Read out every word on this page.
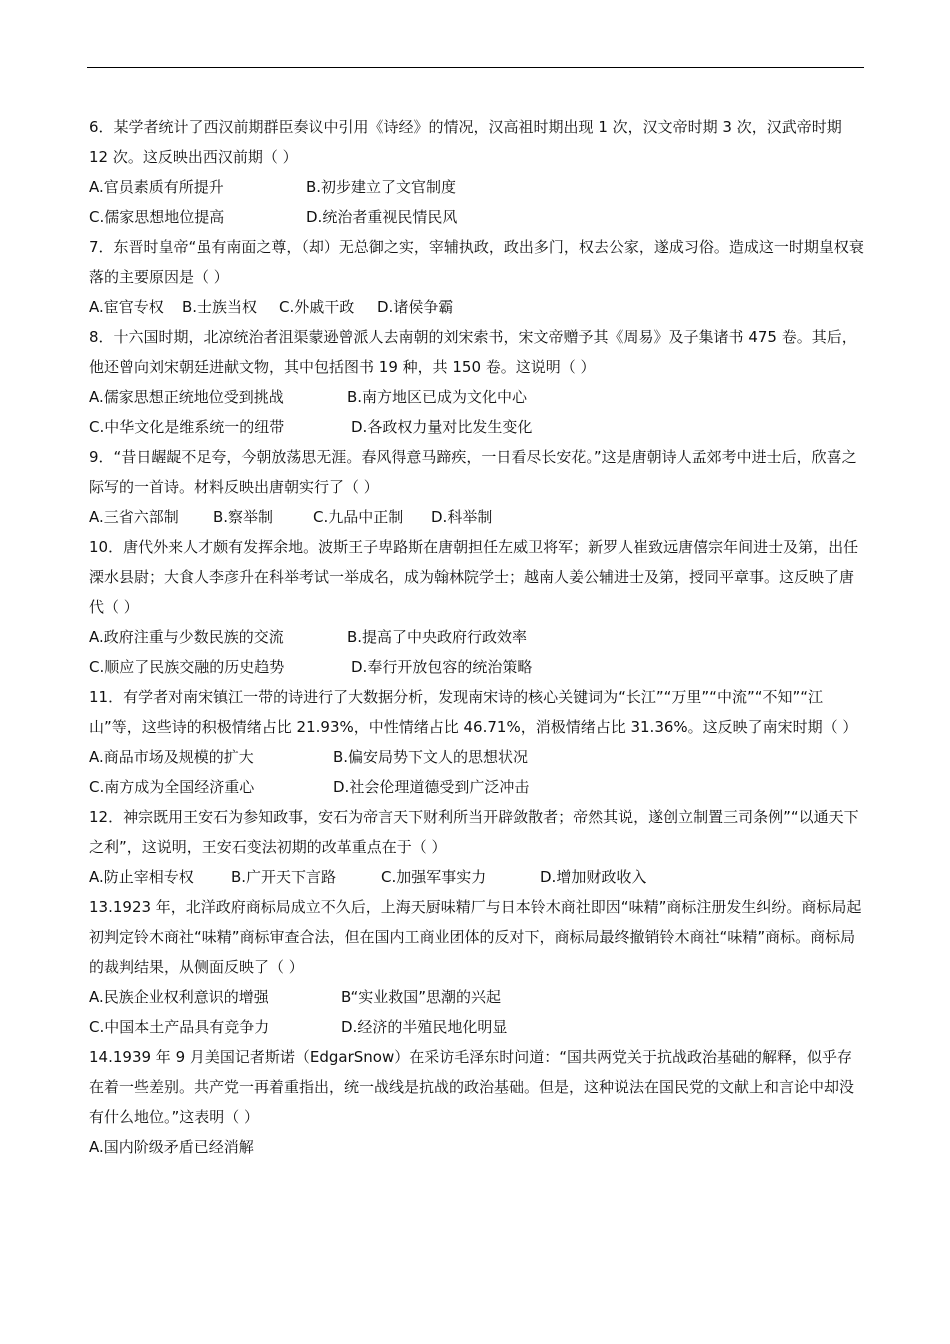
6．某学者统计了西汉前期群臣奏议中引用《诗经》的情况，汉高祖时期出现 1 次，汉文帝时期 3 次，汉武帝时期 12 次。这反映出西汉前期（ ）

A.官员素质有所提升	B.初步建立了文官制度

C.儒家思想地位提高	D.统治者重视民情民风

7．东晋时皇帝“虽有南面之尊，（却）无总御之实，宰辅执政，政出多门，权去公家，遂成习俗。造成这一时期皇权衰落的主要原因是（ ）

A.宦官专权 B.士族当权 C.外戚干政 D.诸侯争霸

8．十六国时期，北凉统治者沮渠蒙逊曾派人去南朝的刘宋索书，宋文帝赠予其《周易》及子集诸书 475 卷。其后，他还曾向刘宋朝廷进献文物，其中包括图书 19 种，共 150 卷。这说明（ ）

A.儒家思想正统地位受到挑战	B.南方地区已成为文化中心

C.中华文化是维系统一的纽带	D.各政权力量对比发生变化

9．“昔日龌龊不足夸，今朝放荡思无涯。春风得意马蹄疾，一日看尽长安花。”这是唐朝诗人孟郊考中进士后，欣喜之际写的一首诗。材料反映出唐朝实行了（ ）

A.三省六部制 B.察举制	C.九品中正制 D.科举制

10．唐代外来人才颇有发挥余地。波斯王子卑路斯在唐朝担任左威卫将军；新罗人崔致远唐僖宗年间进士及第，出任溧水县尉；大食人李彦升在科举考试一举成名，成为翰林院学士；越南人姜公辅进士及第，授同平章事。这反映了唐代（ ）

A.政府注重与少数民族的交流	B.提高了中央政府行政效率

C.顺应了民族交融的历史趋势	D.奉行开放包容的统治策略

11．有学者对南宋镇江一带的诗进行了大数据分析，发现南宋诗的核心关键词为“长江”“万里”“中流”“不知”“江山”等，这些诗的积极情绪占比 21.93%，中性情绪占比 46.71%，消极情绪占比 31.36%。这反映了南宋时期（ ）

A.商品市场及规模的扩大	B.偏安局势下文人的思想状况

C.南方成为全国经济重心	D.社会伦理道德受到广泛冲击

12．神宗既用王安石为参知政事，安石为帝言天下财利所当开辟敛散者；帝然其说，遂创立制置三司条例”“以通天下之利”，这说明，王安石变法初期的改革重点在于（ ）

A.防止宰相专权 B.广开天下言路	C.加强军事实力	D.增加财政收入

13.1923 年，北洋政府商标局成立不久后，上海天厨味精厂与日本铃木商社即因“味精”商标注册发生纠纷。商标局起初判定铃木商社“味精”商标审查合法，但在国内工商业团体的反对下，商标局最终撤销铃木商社“味精”商标。商标局的裁判结果，从侧面反映了（ ）

A.民族企业权利意识的增强	B“实业救国”思潮的兴起

C.中国本土产品具有竞争力	D.经济的半殖民地化明显

14.1939 年 9 月美国记者斯诺（EdgarSnow）在采访毛泽东时问道：“国共两党关于抗战政治基础的解释，似乎存在着一些差别。共产党一再着重指出，统一战线是抗战的政治基础。但是，这种说法在国民党的文献上和言论中却没有什么地位。”这表明（ ）

A.国内阶级矛盾已经消解
